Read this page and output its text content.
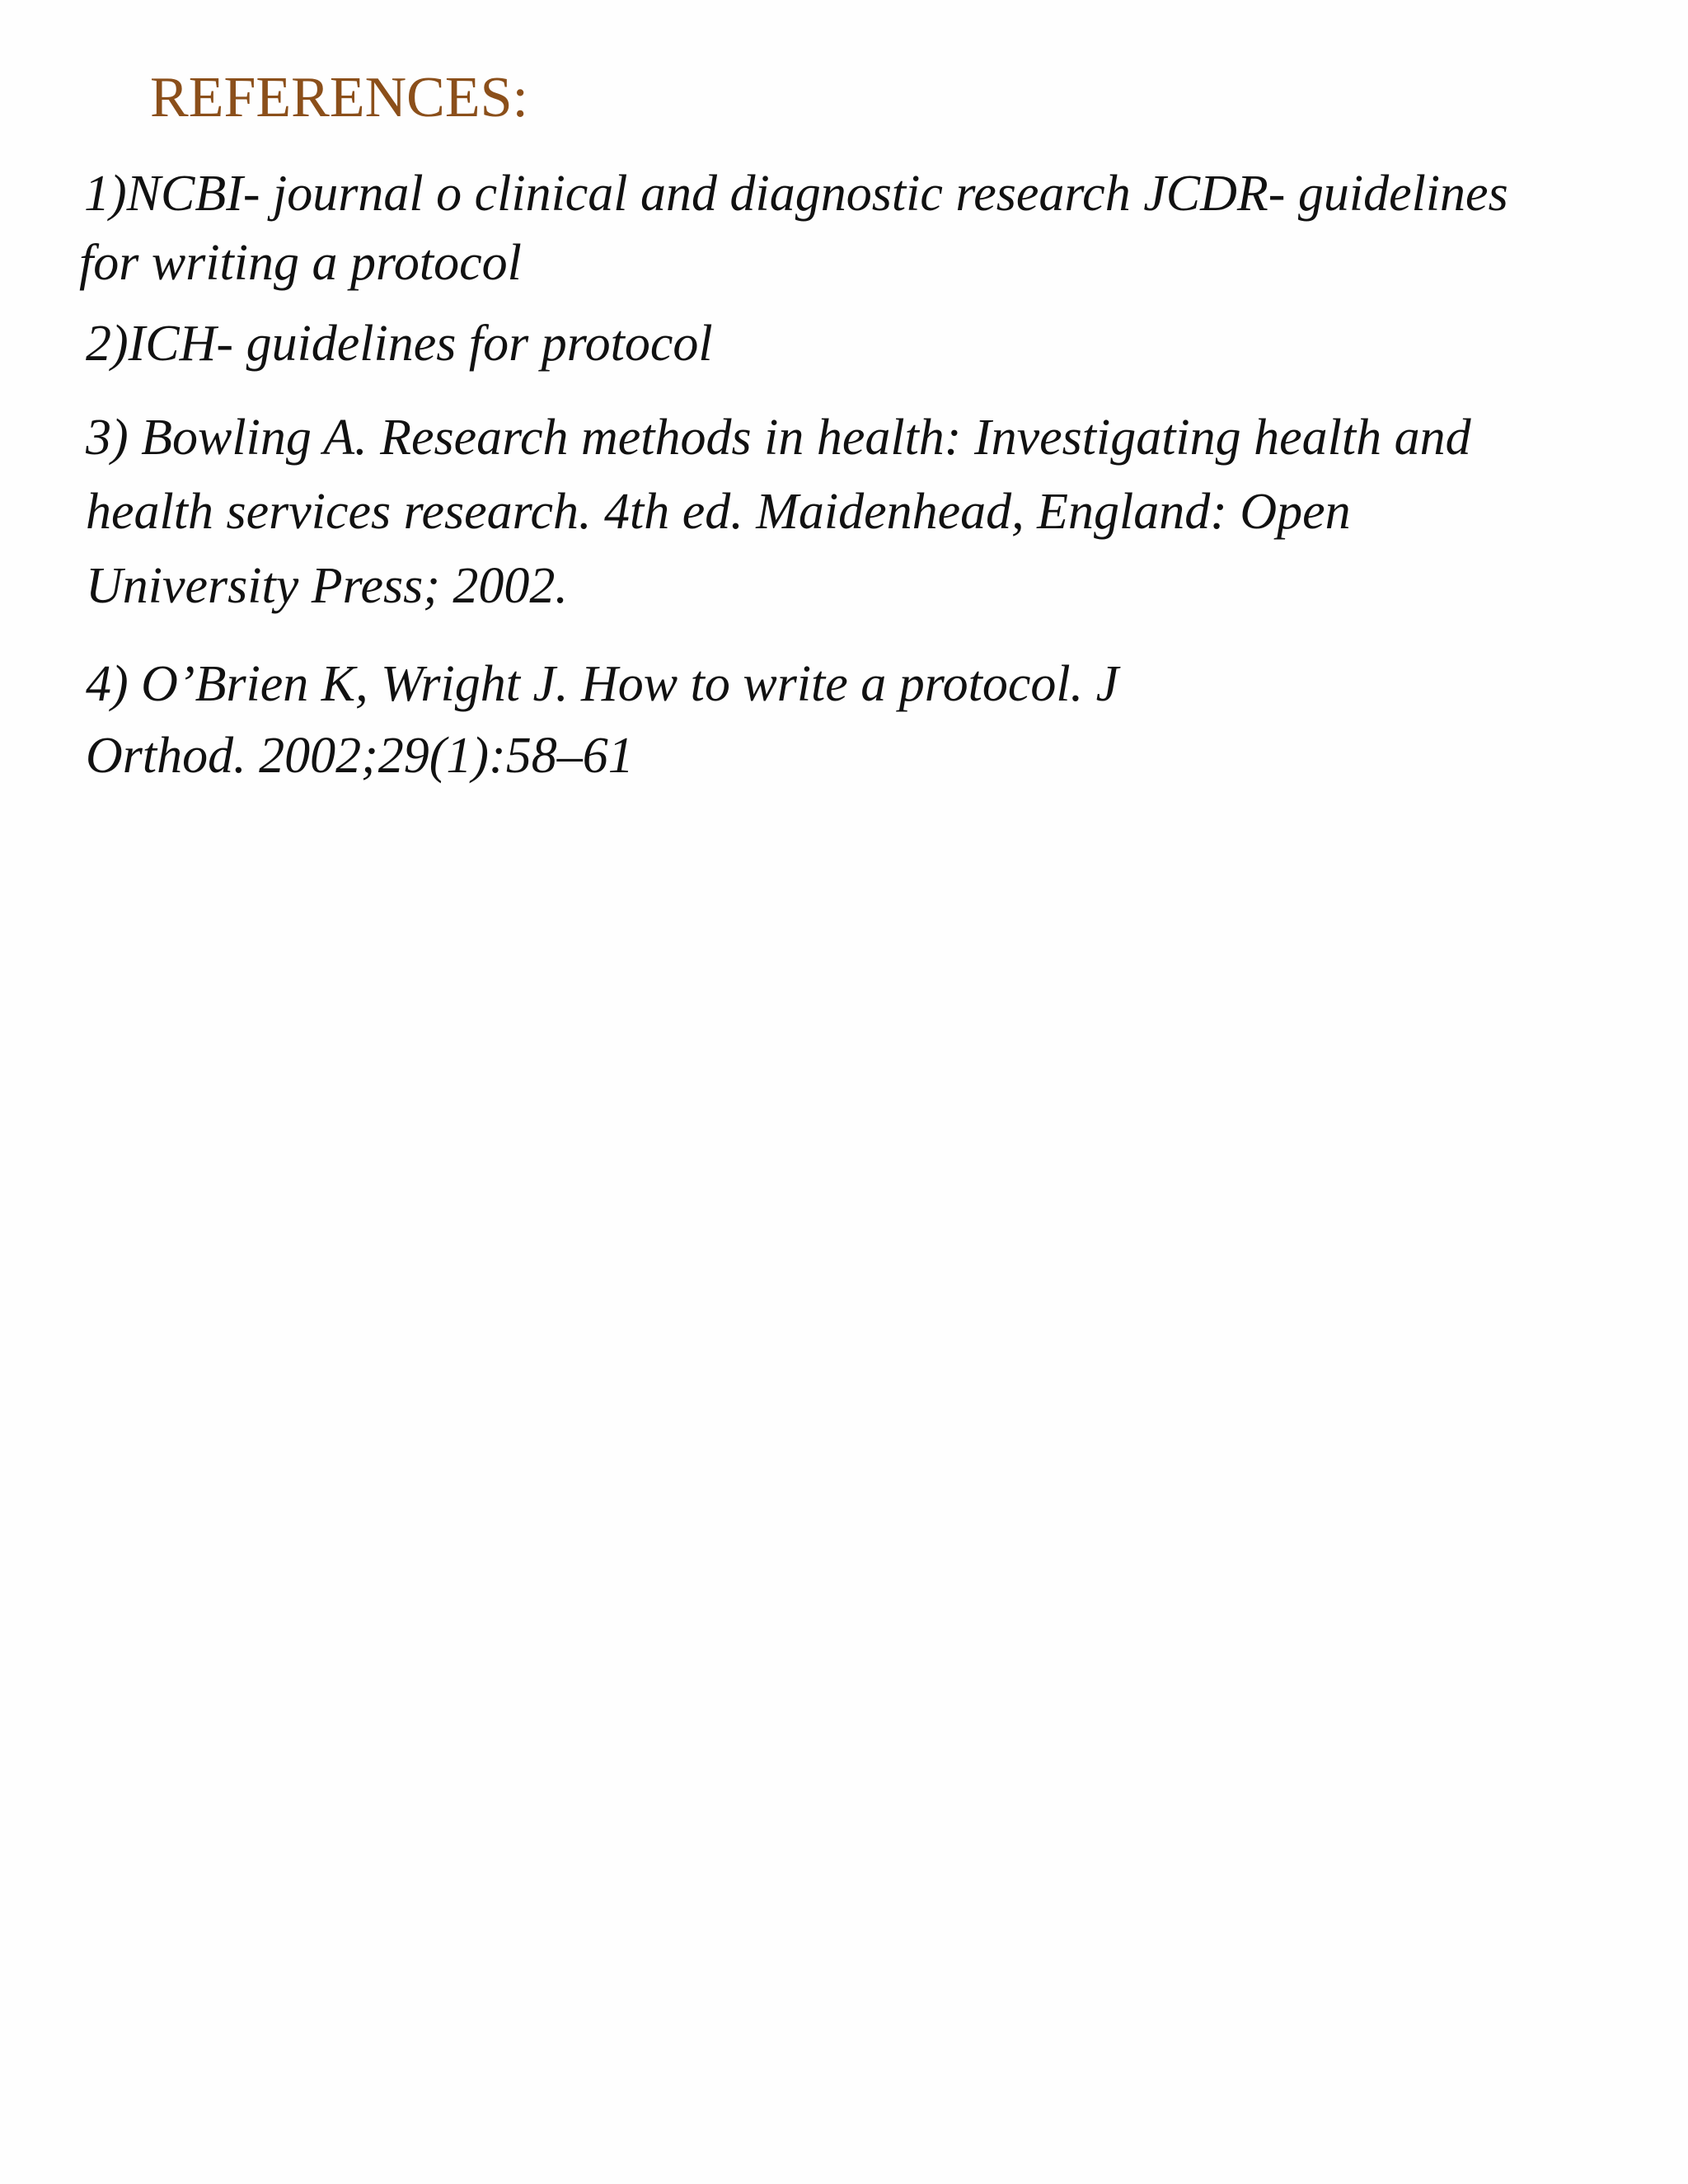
REFERENCES:
1)NCBI- journal o clinical and diagnostic research JCDR- guidelines
for writing a protocol
2)ICH- guidelines for protocol
3) Bowling A. Research methods in health: Investigating health and
health services research. 4th ed. Maidenhead, England: Open
University Press; 2002.
4) O’Brien K, Wright J. How to write a protocol. J
Orthod. 2002;29(1):58–61
